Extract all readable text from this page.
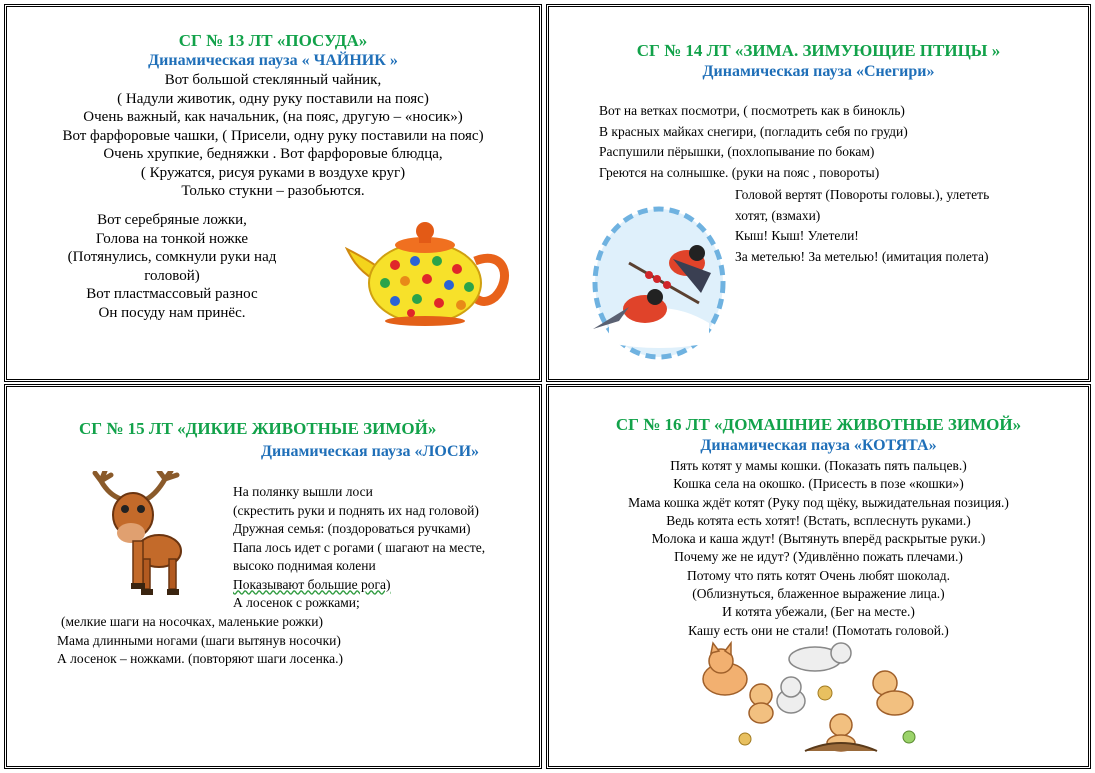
СГ № 13 ЛТ «ПОСУДА»
Динамическая пауза « ЧАЙНИК »
Вот большой стеклянный чайник,
( Надули животик, одну руку поставили на пояс)
Очень важный, как начальник, (на пояс, другую – «носик»)
Вот фарфоровые чашки, ( Присели, одну руку поставили на пояс)
Очень хрупкие, бедняжки . Вот фарфоровые блюдца,
( Кружатся, рисуя руками в воздухе круг)
Только стукни – разобьются.
Вот серебряные ложки,
Голова на тонкой ножке
(Потянулись, сомкнули руки над
головой)
Вот пластмассовый разнос
Он посуду нам принёс.
СГ № 14 ЛТ «ЗИМА. ЗИМУЮЩИЕ ПТИЦЫ »
Динамическая пауза «Снегири»
Вот на ветках посмотри, ( посмотреть как в бинокль)
В красных майках снегири, (погладить себя по груди)
Распушили пёрышки, (похлопывание по бокам)
Греются на солнышке. (руки на пояс , повороты)
Головой вертят (Повороты головы.), улететь
хотят, (взмахи)
Кыш! Кыш! Улетели!
За метелью! За метелью! (имитация полета)
СГ № 15 ЛТ «ДИКИЕ ЖИВОТНЫЕ ЗИМОЙ»
Динамическая пауза «ЛОСИ»
На полянку вышли лоси
(скрестить руки и поднять их над головой)
Дружная семья: (поздороваться ручками)
Папа лось идет с рогами ( шагают на месте,
высоко поднимая колени
Показывают большие рога)
А лосенок с рожками;
(мелкие шаги на носочках, маленькие рожки)
Мама длинными ногами (шаги вытянув носочки)
А лосенок – ножками. (повторяют шаги лосенка.)
СГ № 16 ЛТ «ДОМАШНИЕ ЖИВОТНЫЕ ЗИМОЙ»
Динамическая пауза «КОТЯТА»
Пять котят у мамы кошки. (Показать пять пальцев.)
Кошка села на окошко. (Присесть в позе «кошки»)
Мама кошка ждёт котят (Руку под щёку, выжидательная позиция.)
Ведь котята есть хотят! (Встать, всплеснуть руками.)
Молока и каша ждут! (Вытянуть вперёд раскрытые руки.)
Почему же не идут? (Удивлённо пожать плечами.)
Потому что пять котят Очень любят шоколад.
(Облизнуться, блаженное выражение лица.)
И котята убежали, (Бег на месте.)
Кашу есть они не стали! (Помотать головой.)
